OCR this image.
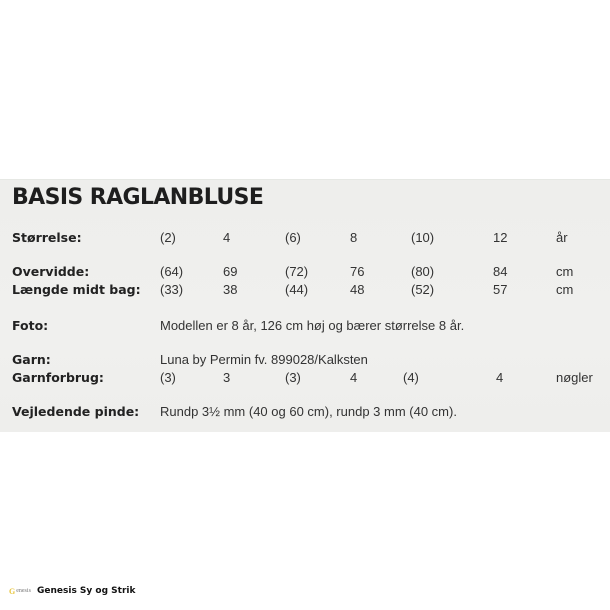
BASIS RAGLANBLUSE
Størrelse:	(2)	4	(6)	8	(10)	12	år
Overvidde:	(64)	69	(72)	76	(80)	84	cm
Længde midt bag: (33)	38	(44)	48	(52)	57	cm
Foto:	Modellen er 8 år, 126 cm høj og bærer størrelse 8 år.
Garn:	Luna by Permin fv. 899028/Kalksten
Garnforbrug:	(3)	3	(3)	4	(4)	4	nøgler
Vejledende pinde: Rundp 3½ mm (40 og 60 cm), rundp 3 mm (40 cm).
G enesis Genesis Sy og Strik
